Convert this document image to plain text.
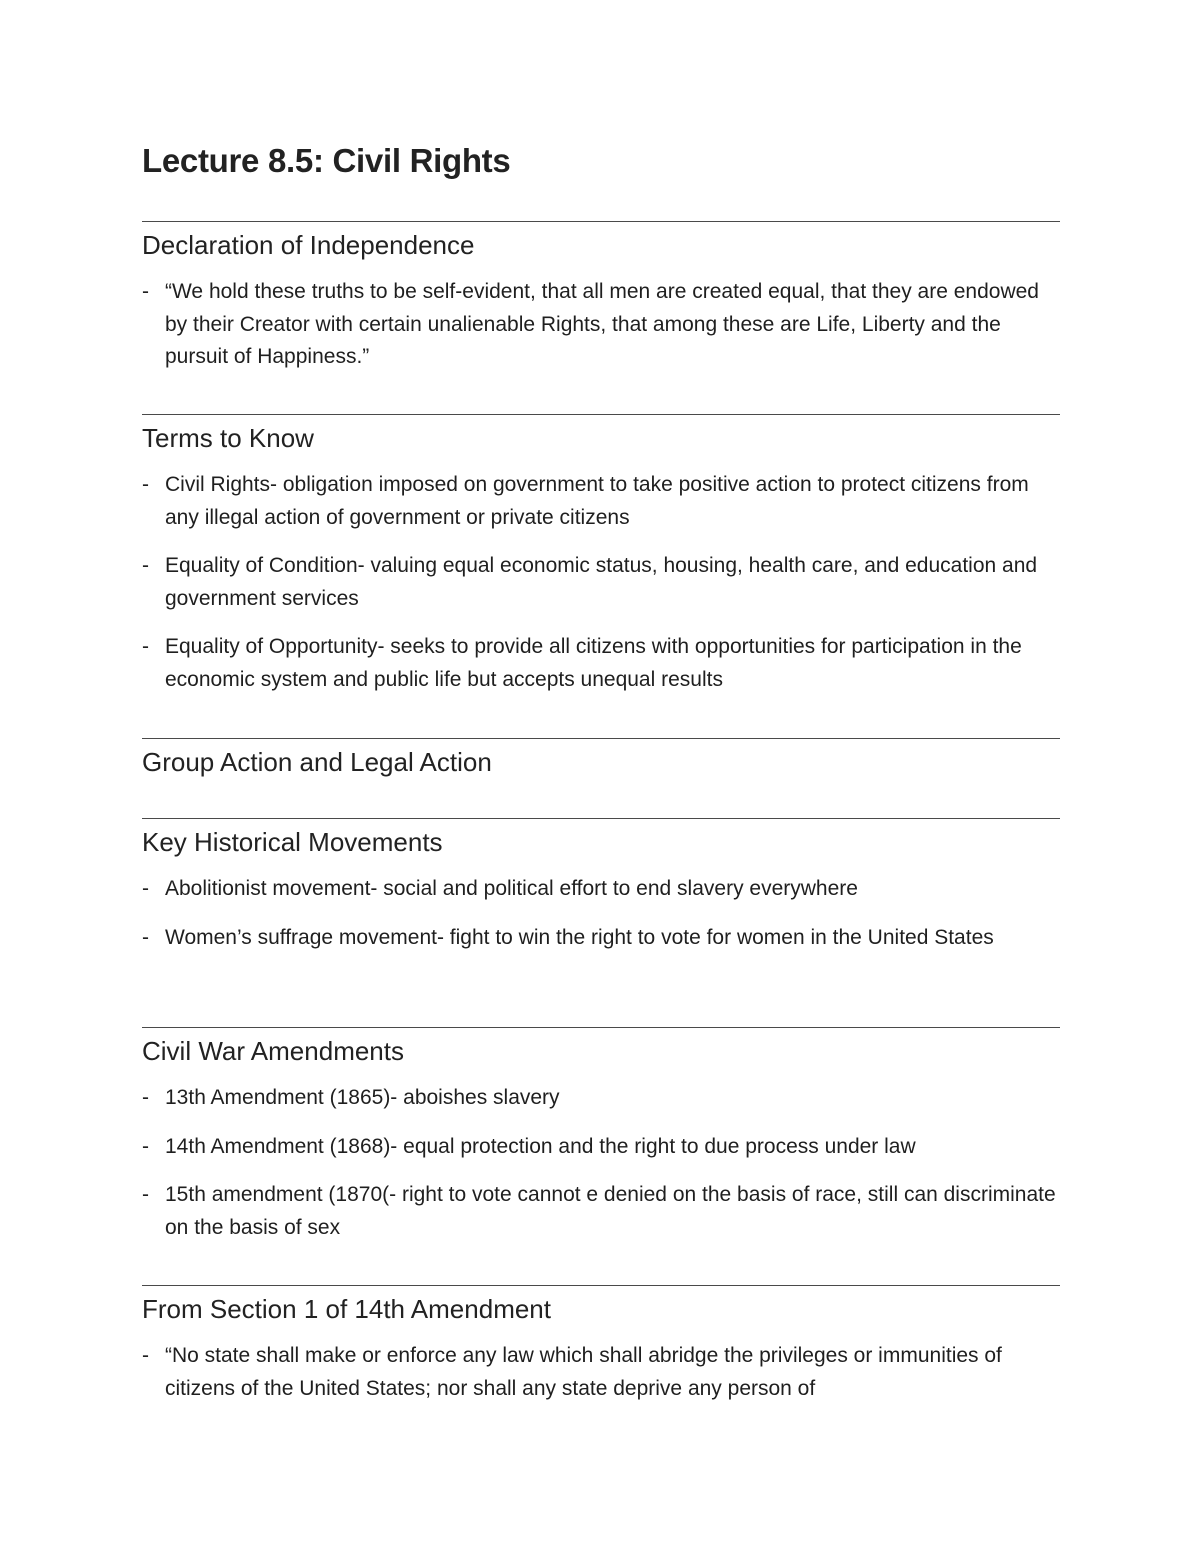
Lecture 8.5: Civil Rights
Declaration of Independence
- “We hold these truths to be self-evident, that all men are created equal, that they are endowed by their Creator with certain unalienable Rights, that among these are Life, Liberty and the pursuit of Happiness.”
Terms to Know
- Civil Rights- obligation imposed on government to take positive action to protect citizens from any illegal action of government or private citizens
- Equality of Condition- valuing equal economic status, housing, health care, and education and government services
- Equality of Opportunity- seeks to provide all citizens with opportunities for participation in the economic system and public life but accepts unequal results
Group Action and Legal Action
Key Historical Movements
- Abolitionist movement- social and political effort to end slavery everywhere
- Women’s suffrage movement- fight to win the right to vote for women in the United States
Civil War Amendments
- 13th Amendment (1865)- aboishes slavery
- 14th Amendment (1868)- equal protection and the right to due process under law
- 15th amendment (1870(- right to vote cannot e denied on the basis of race, still can discriminate on the basis of sex
From Section 1 of 14th Amendment
- “No state shall make or enforce any law which shall abridge the privileges or immunities of citizens of the United States; nor shall any state deprive any person of
